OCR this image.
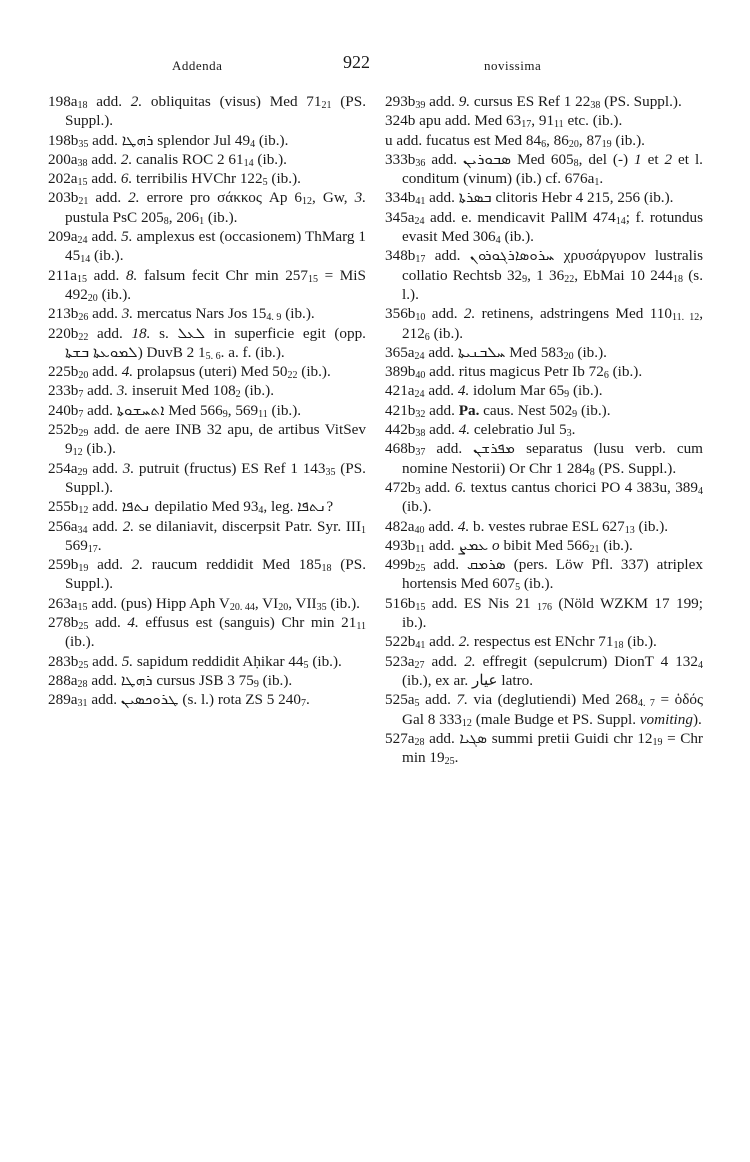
Addenda	922	novissima

$198a_{18}$ add. 2. obliquitas (visus) Med $71_{21}$ (PS. Suppl.).

$198b_{35}$ add. ܪܗܛܐ splendor Jul $49_4$ (ib.).

$200a_{38}$ add. 2. canalis ROC 2 $61_{14}$ (ib.).

$202a_{15}$ add. 6. terribilis HVChr $122_5$ (ib.).

$203b_{21}$ add. 2. errore pro σάκκος Ap $6_{12}$, Gw, 3. pustula PsC $205_8$, $206_1$ (ib.).

$209a_{24}$ add. 5. amplexus est (occasionem) ThMarg 1 $45_{14}$ (ib.).

$211a_{15}$ add. 8. falsum fecit Chr $\min 257_{15}$ = MiS $492_{20}$ (ib.).

$213b_{26}$ add. 3. mercatus Nars Jos $15_{4. 9}$ (ib.).

$220b_{22}$ add. 18. s. ܠܥܠ in superficie egit (opp. ܠܡܘܥܬܐ ܒܫܬܐ) DuvB 2 $1_{5. 6}$. a. f. (ib.).

$225b_{20}$ add. 4. prolapsus (uteri) Med $50_{22}$ (ib.).

$233b_7$ add. 3. inseruit Med $108_2$ (ib.).

$240b_7$ add. ܐܬܚܫܘܬܐ Med $566_9$, $569_{11}$ (ib.).

$252b_{29}$ add. de aere INB 32 apu, de artibus VitSev $9_{12}$ (ib.).

$254a_{29}$ add. 3. putruit (fructus) ES Ref 1 $143_{35}$ (PS. Suppl.).

$255b_{12}$ add. ܢܬܦܐ depilatio Med $93_4$, leg. ܢܬܦܐ?

$256a_{34}$ add. 2. se dilaniavit, discerpsit Patr. Syr. $III_1$ $569_{17}$.

$259b_{19}$ add. 2. raucum reddidit Med $185_{18}$ (PS. Suppl.).

$263a_{15}$ add. (pus) Hipp Aph $V_{20. 44}$, $VI_{20}$, $VII_{35}$ (ib.).

$278b_{25}$ add. 4. effusus est (sanguis) Chr $\min 21_{11}$ (ib.).

$283b_{25}$ add. 5. sapidum reddidit Aḥikar $44_5$ (ib.).

$288a_{28}$ add. ܪܗܛܐ cursus JSB 3 $75_9$ (ib.).

$289a_{31}$ add. ܛܪܘܟܣܝܢ (s. l.) rota ZS 5 $240_7$.

$293b_{39}$ add. 9. cursus ES Ref 1 $22_{38}$ (PS. Suppl.).

324b apu add. Med $63_{17}$, $91_{11}$ etc. (ib.).

u add. fucatus est Med $84_6$, $86_{20}$, $87_{19}$ (ib.).

$333b_{36}$ add. ܣܒܘܪܝܢ Med $605_8$, del (-) 1 et 2 et l. conditum (vinum) (ib.) cf. $676a_1$.

$334b_{41}$ add. ܒܣܪܬܐ clitoris Hebr 4 215, 256 (ib.).

$345a_{24}$ add. e. mendicavit PallM $474_{14}$; f. rotundus evasit Med $306_4$ (ib.).

$348b_{17}$ add. ܚܪܘܣܐܪܓܘܪܘܢ χρυσάργυρον lustralis collatio Rechtsb $32_9$, 1 $36_{22}$, EbMai 10 $244_{18}$ (s. l.).

$356b_{10}$ add. 2. retinens, adstringens Med $110_{11. 12}$, $212_6$ (ib.).

$365a_{24}$ add. ܚܠܒܢܝܬܐ Med $583_{20}$ (ib.).

$389b_{40}$ add. ritus magicus Petr Ib $72_6$ (ib.).

$421a_{24}$ add. 4. idolum Mar $65_9$ (ib.).

$421b_{32}$ add. Pa. caus. Nest $502_9$ (ib.).

$442b_{38}$ add. 4. celebratio Jul $5_3$.

$468b_{37}$ add. ܡܦܪܫܢ separatus (lusu verb. cum nomine Nestorii) Or Chr 1 $284_8$ (PS. Suppl.).

$472b_3$ add. 6. textus cantus chorici PO 4 383u, $389_4$ (ib.).

$482a_{40}$ add. 4. b. vestes rubrae ESL $627_{13}$ (ib.).

$493b_{11}$ add. ܥܡܨ o bibit Med $566_{21}$ (ib.).

$499b_{25}$ add. ܣܪܡܩ (pers. Löw Pfl. 337) atriplex hortensis Med $607_5$ (ib.).

$516b_{15}$ add. ES Nis 21 $_{176}$ (Nöld WZKM 17 199; ib.).

$522b_{41}$ add. 2. respectus est ENchr $71_{18}$ (ib.).

$523a_{27}$ add. 2. effregit (sepulcrum) DionT 4 $132_4$ (ib.), ex ar. عيار latro.

$525a_5$ add. 7. via (deglutiendi) Med $268_{4. 7}$ = ὁδός Gal 8 $333_{12}$ (male Budge et PS. Suppl. vomiting).

$527a_{28}$ add. ܣܓܝܐ summi pretii Guidi chr $12_{19}$ = Chr $\min 19_{25}$.
